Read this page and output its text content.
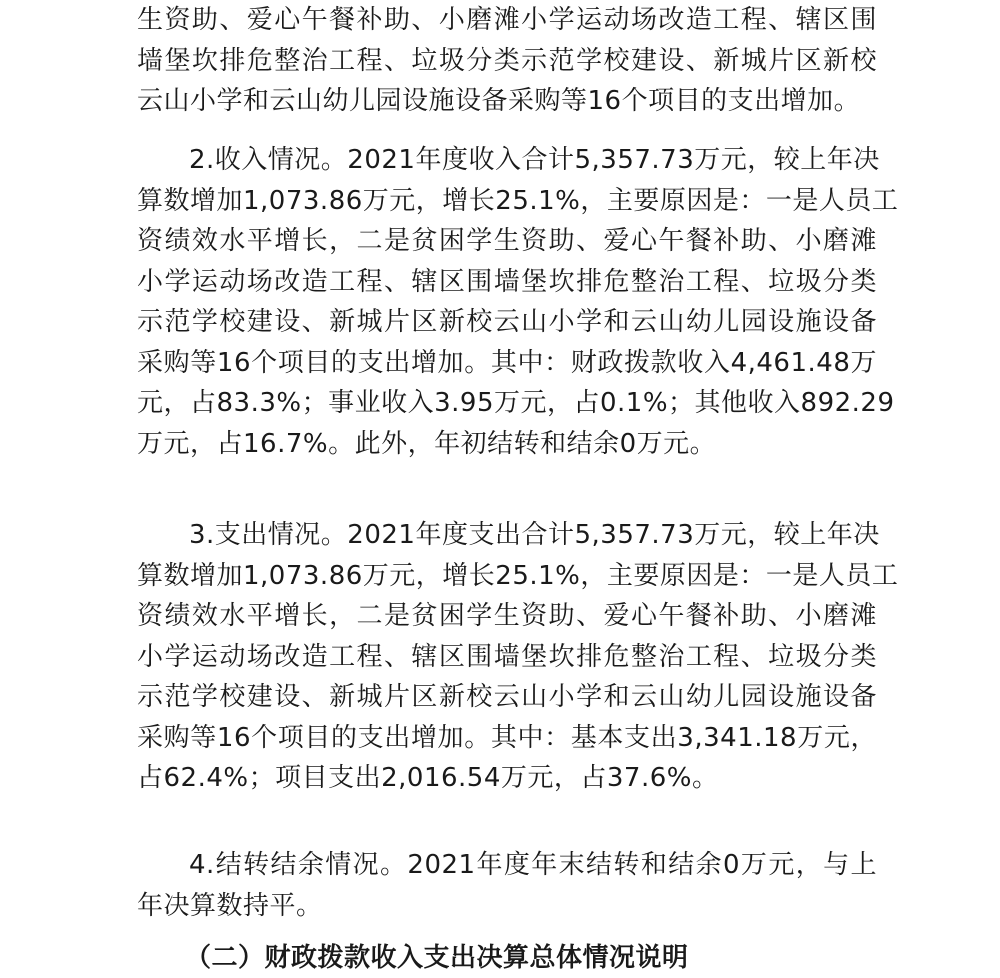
生资助、爱心午餐补助、小磨滩小学运动场改造工程、辖区围
墙堡坎排危整治工程、垃圾分类示范学校建设、新城片区新校
云山小学和云山幼儿园设施设备采购等16个项目的支出增加。
2.收入情况。2021年度收入合计5,357.73万元，较上年决
算数增加1,073.86万元，增长25.1%，主要原因是：一是人员工
资绩效水平增长，二是贫困学生资助、爱心午餐补助、小磨滩
小学运动场改造工程、辖区围墙堡坎排危整治工程、垃圾分类
示范学校建设、新城片区新校云山小学和云山幼儿园设施设备
采购等16个项目的支出增加。其中：财政拨款收入4,461.48万
元，占83.3%；事业收入3.95万元，占0.1%；其他收入892.29
万元，占16.7%。此外，年初结转和结余0万元。
3.支出情况。2021年度支出合计5,357.73万元，较上年决
算数增加1,073.86万元，增长25.1%，主要原因是：一是人员工
资绩效水平增长，二是贫困学生资助、爱心午餐补助、小磨滩
小学运动场改造工程、辖区围墙堡坎排危整治工程、垃圾分类
示范学校建设、新城片区新校云山小学和云山幼儿园设施设备
采购等16个项目的支出增加。其中：基本支出3,341.18万元，
占62.4%；项目支出2,016.54万元，占37.6%。
4.结转结余情况。2021年度年末结转和结余0万元，与上
年决算数持平。
（二）财政拨款收入支出决算总体情况说明
